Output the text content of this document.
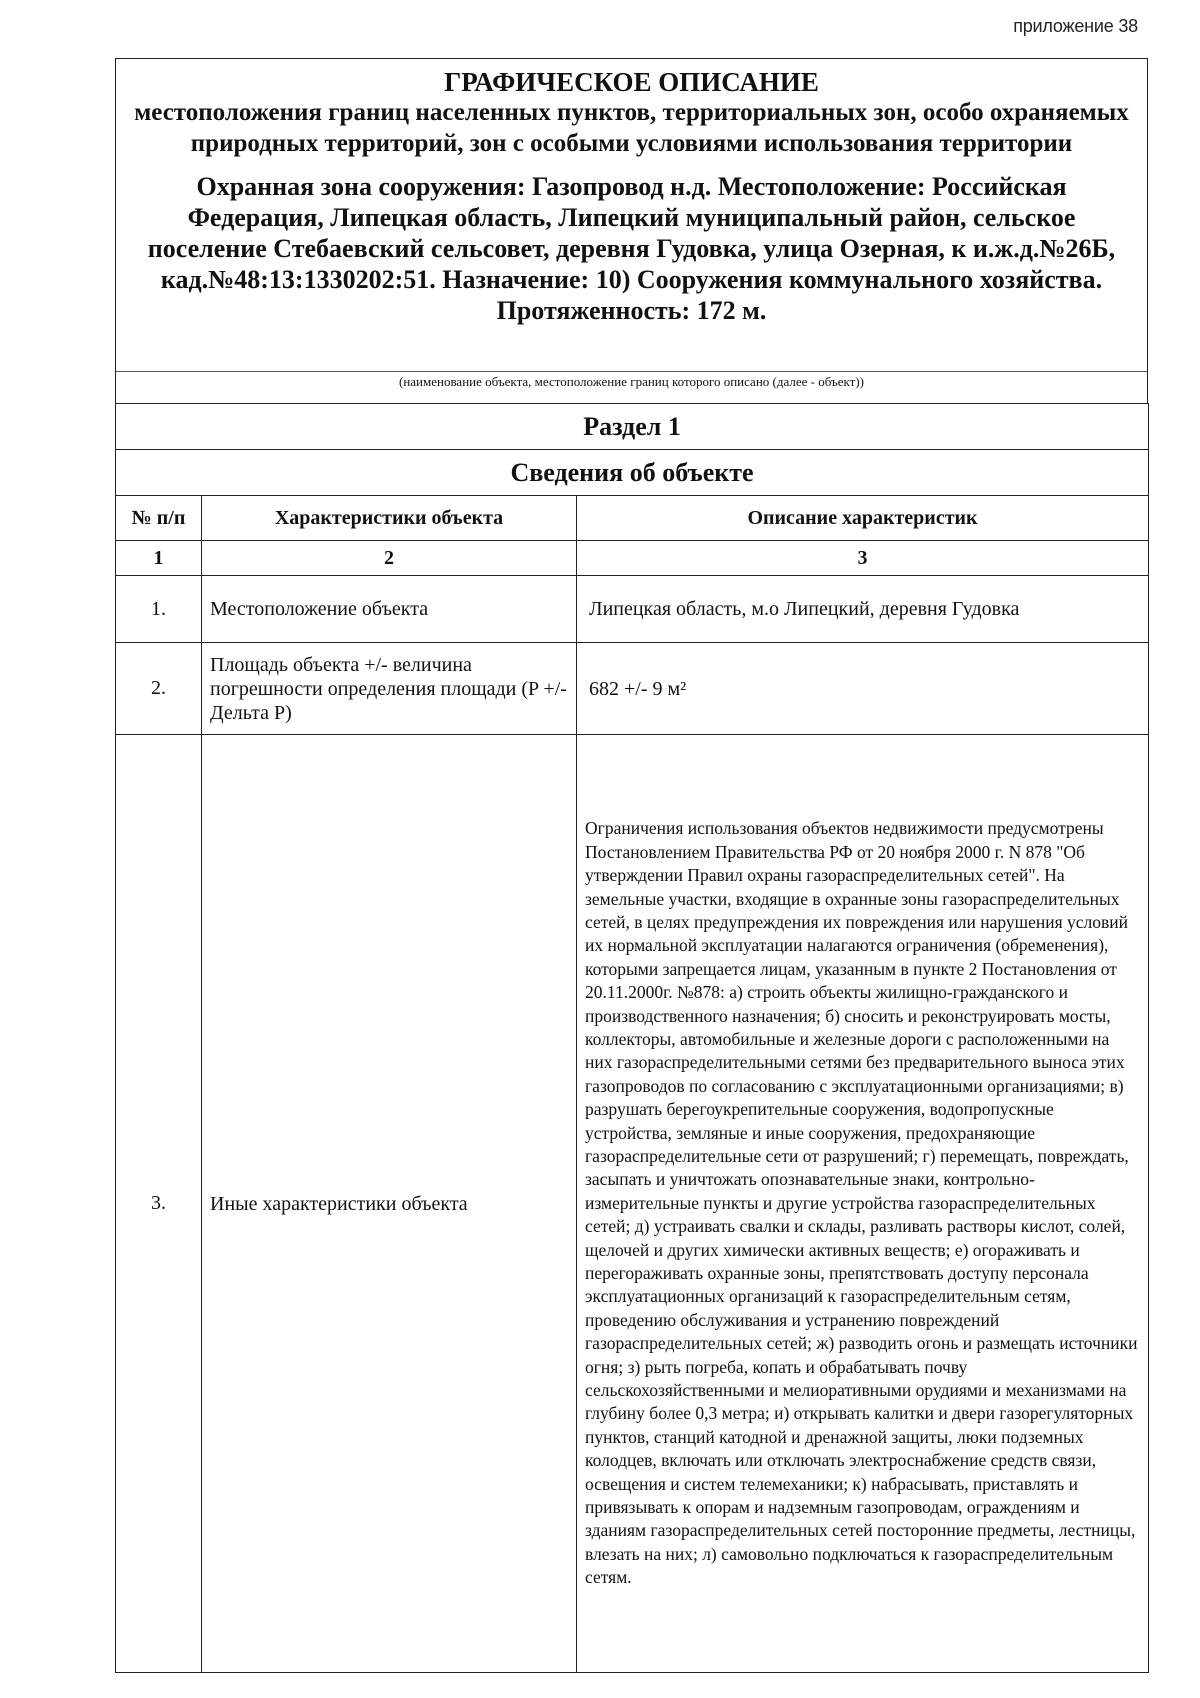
приложение 38
ГРАФИЧЕСКОЕ ОПИСАНИЕ
местоположения границ населенных пунктов, территориальных зон, особо охраняемых природных территорий, зон с особыми условиями использования территории
Охранная зона сооружения: Газопровод н.д. Местоположение: Российская Федерация, Липецкая область, Липецкий муниципальный район, сельское поселение Стебаевский сельсовет, деревня Гудовка, улица Озерная, к и.ж.д.№26Б, кад.№48:13:1330202:51. Назначение: 10) Сооружения коммунального хозяйства. Протяженность: 172 м.
(наименование объекта, местоположение границ которого описано (далее - объект))
Раздел 1		
Сведения об объекте		
№ п/п	Характеристики объекта	Описание характеристик
1	2	3
1.	Местоположение объекта	Липецкая область, м.о Липецкий, деревня Гудовка
2.	Площадь объекта +/- величина погрешности определения площади (P +/- Дельта P)	682 +/- 9 м²
3.	Иные характеристики объекта	Ограничения использования объектов недвижимости предусмотрены Постановлением Правительства РФ от 20 ноября 2000 г. N 878 "Об утверждении Правил охраны газораспределительных сетей". На земельные участки, входящие в охранные зоны газораспределительных сетей, в целях предупреждения их повреждения или нарушения условий их нормальной эксплуатации налагаются ограничения (обременения), которыми запрещается лицам, указанным в пункте 2 Постановления от 20.11.2000г. №878: а) строить объекты жилищно-гражданского и производственного назначения; б) сносить и реконструировать мосты, коллекторы, автомобильные и железные дороги с расположенными на них газораспределительными сетями без предварительного выноса этих газопроводов по согласованию с эксплуатационными организациями; в) разрушать берегоукрепительные сооружения, водопропускные устройства, земляные и иные сооружения, предохраняющие газораспределительные сети от разрушений; г) перемещать, повреждать, засыпать и уничтожать опознавательные знаки, контрольно-измерительные пункты и другие устройства газораспределительных сетей; д) устраивать свалки и склады, разливать растворы кислот, солей, щелочей и других химически активных веществ; е) огораживать и перегораживать охранные зоны, препятствовать доступу персонала эксплуатационных организаций к газораспределительным сетям, проведению обслуживания и устранению повреждений газораспределительных сетей; ж) разводить огонь и размещать источники огня; з) рыть погреба, копать и обрабатывать почву сельскохозяйственными и мелиоративными орудиями и механизмами на глубину более 0,3 метра; и) открывать калитки и двери газорегуляторных пунктов, станций катодной и дренажной защиты, люки подземных колодцев, включать или отключать электроснабжение средств связи, освещения и систем телемеханики; к) набрасывать, приставлять и привязывать к опорам и надземным газопроводам, ограждениям и зданиям газораспределительных сетей посторонние предметы, лестницы, влезать на них; л) самовольно подключаться к газораспределительным сетям.
